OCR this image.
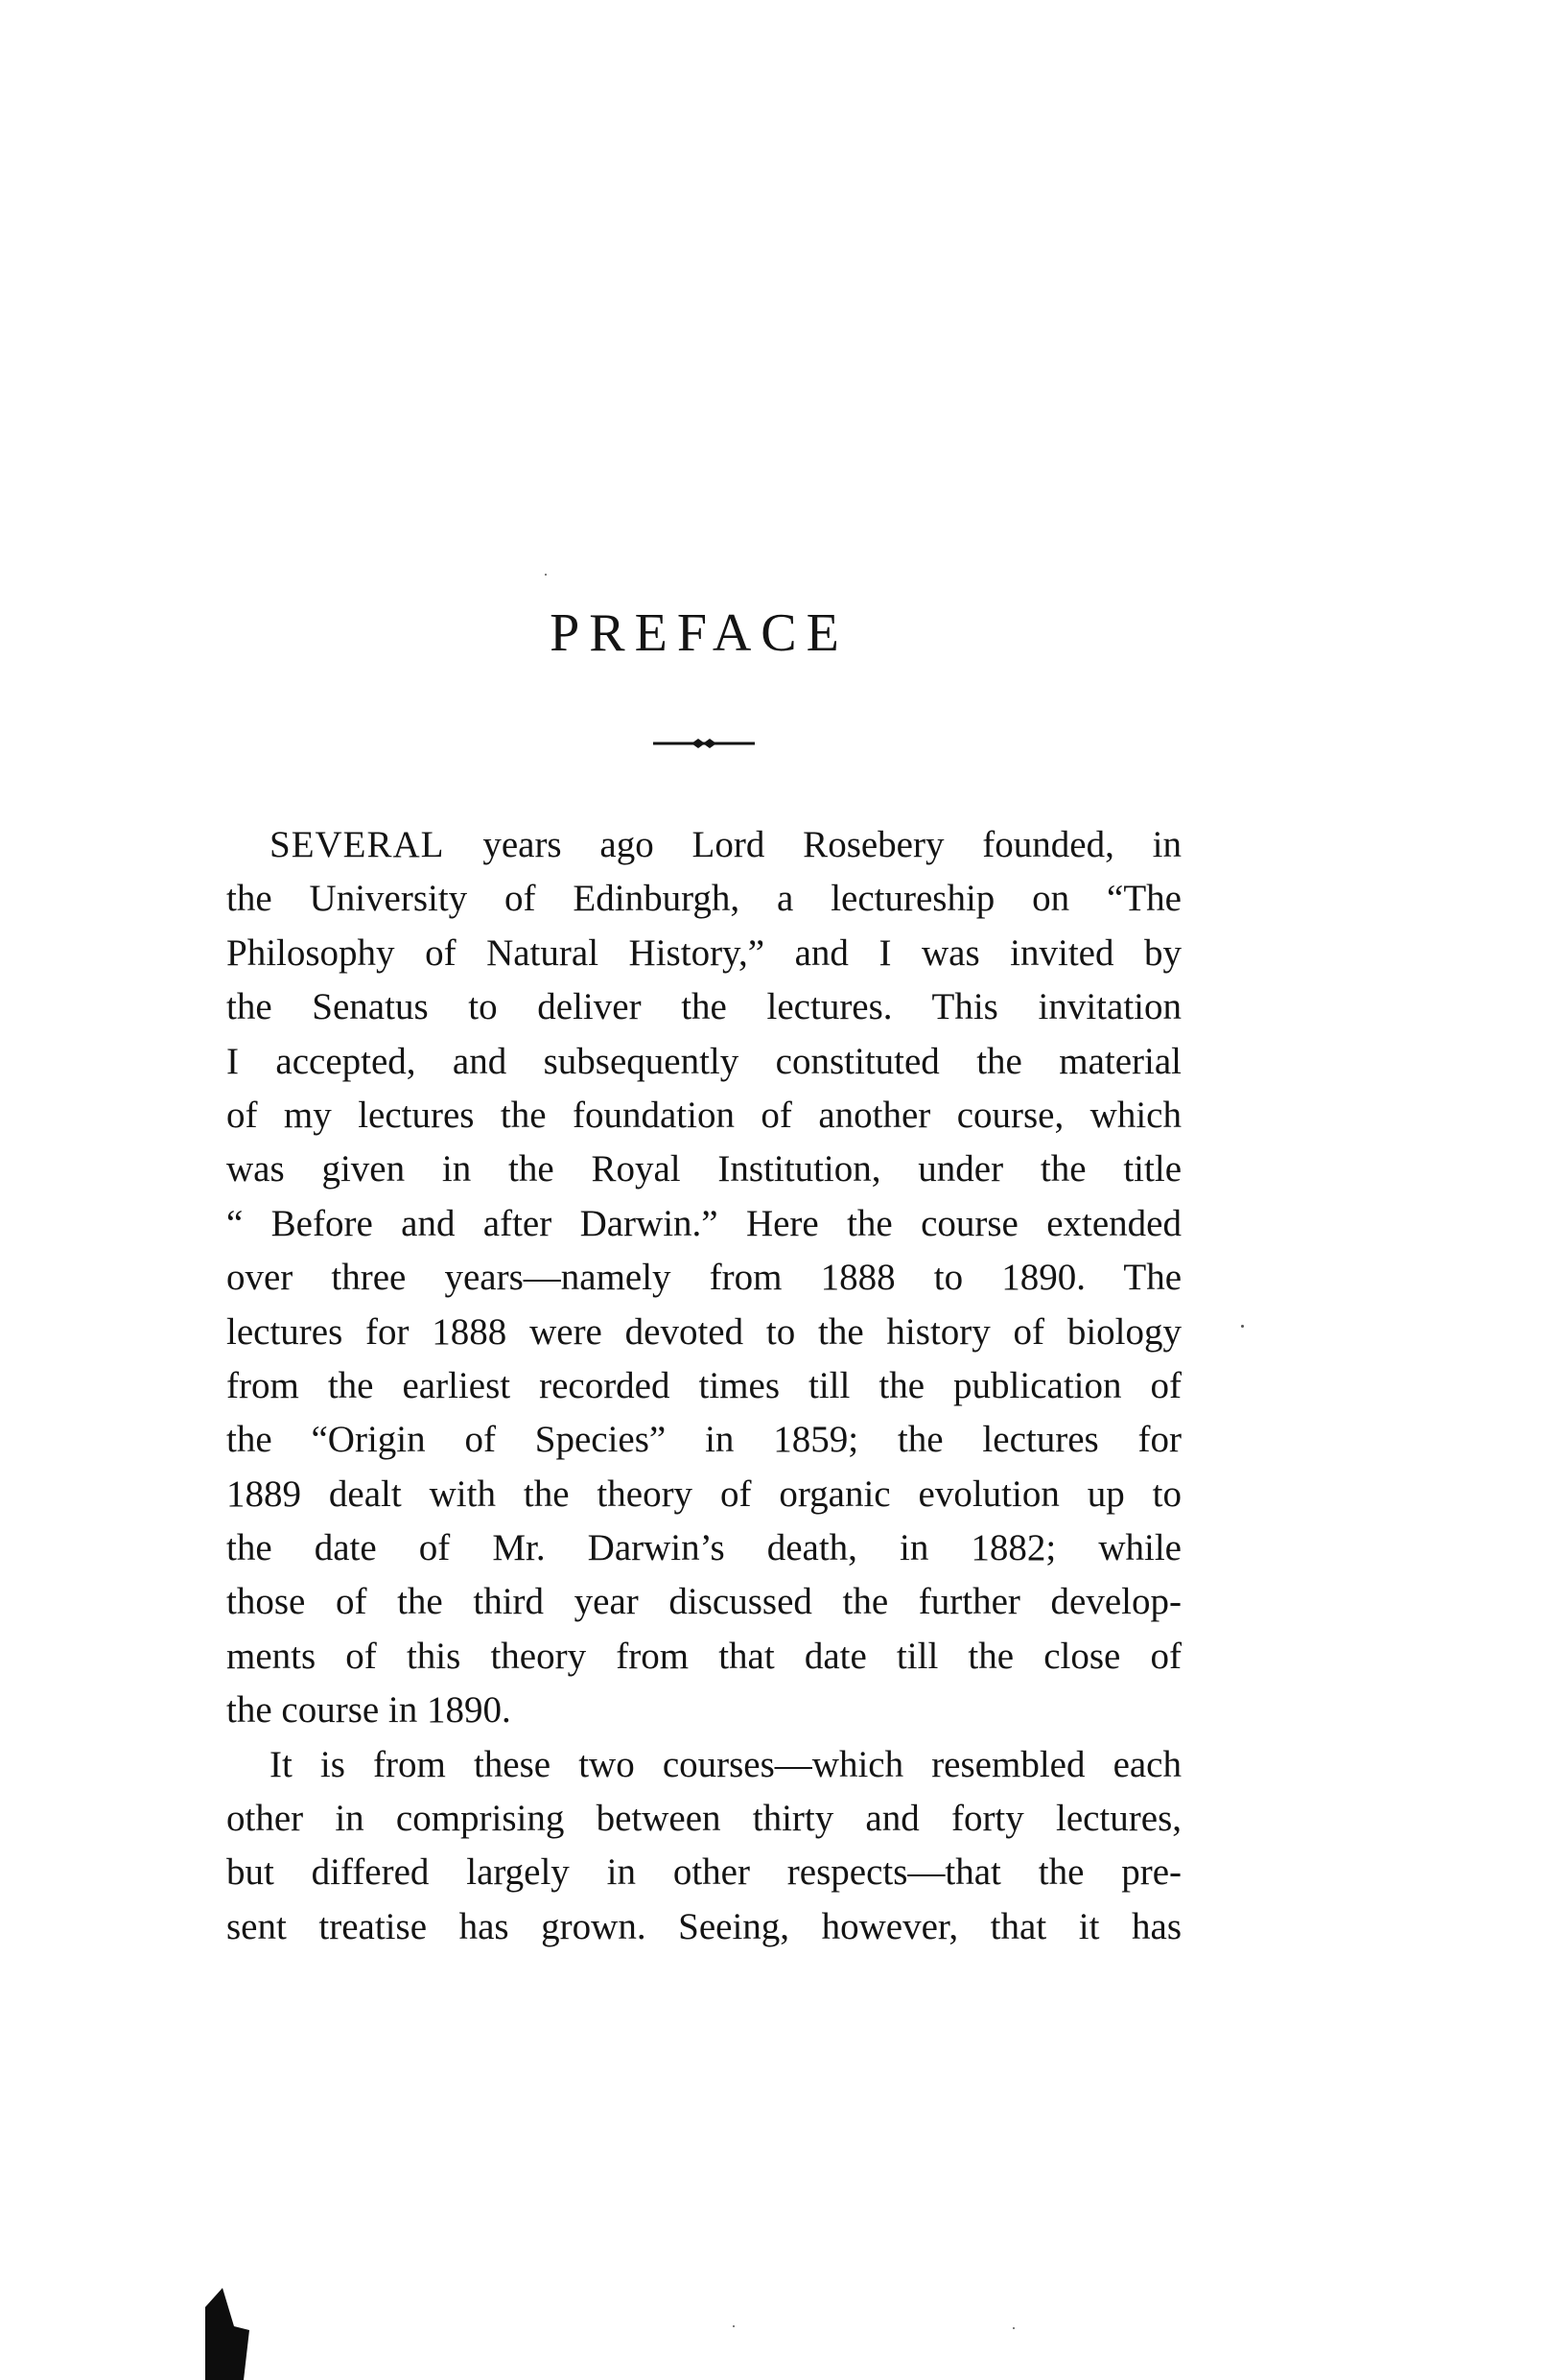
PREFACE
SEVERAL years ago Lord Rosebery founded, in
the University of Edinburgh, a lectureship on “The
Philosophy of Natural History,” and I was invited by
the Senatus to deliver the lectures. This invitation
I accepted, and subsequently constituted the material
of my lectures the foundation of another course, which
was given in the Royal Institution, under the title
“ Before and after Darwin.” Here the course extended
over three years—namely from 1888 to 1890. The
lectures for 1888 were devoted to the history of biology
from the earliest recorded times till the publication of
the “Origin of Species” in 1859; the lectures for
1889 dealt with the theory of organic evolution up to
the date of Mr. Darwin’s death, in 1882; while
those of the third year discussed the further develop-
ments of this theory from that date till the close of
the course in 1890.
It is from these two courses—which resembled each
other in comprising between thirty and forty lectures,
but differed largely in other respects—that the pre-
sent treatise has grown. Seeing, however, that it has
